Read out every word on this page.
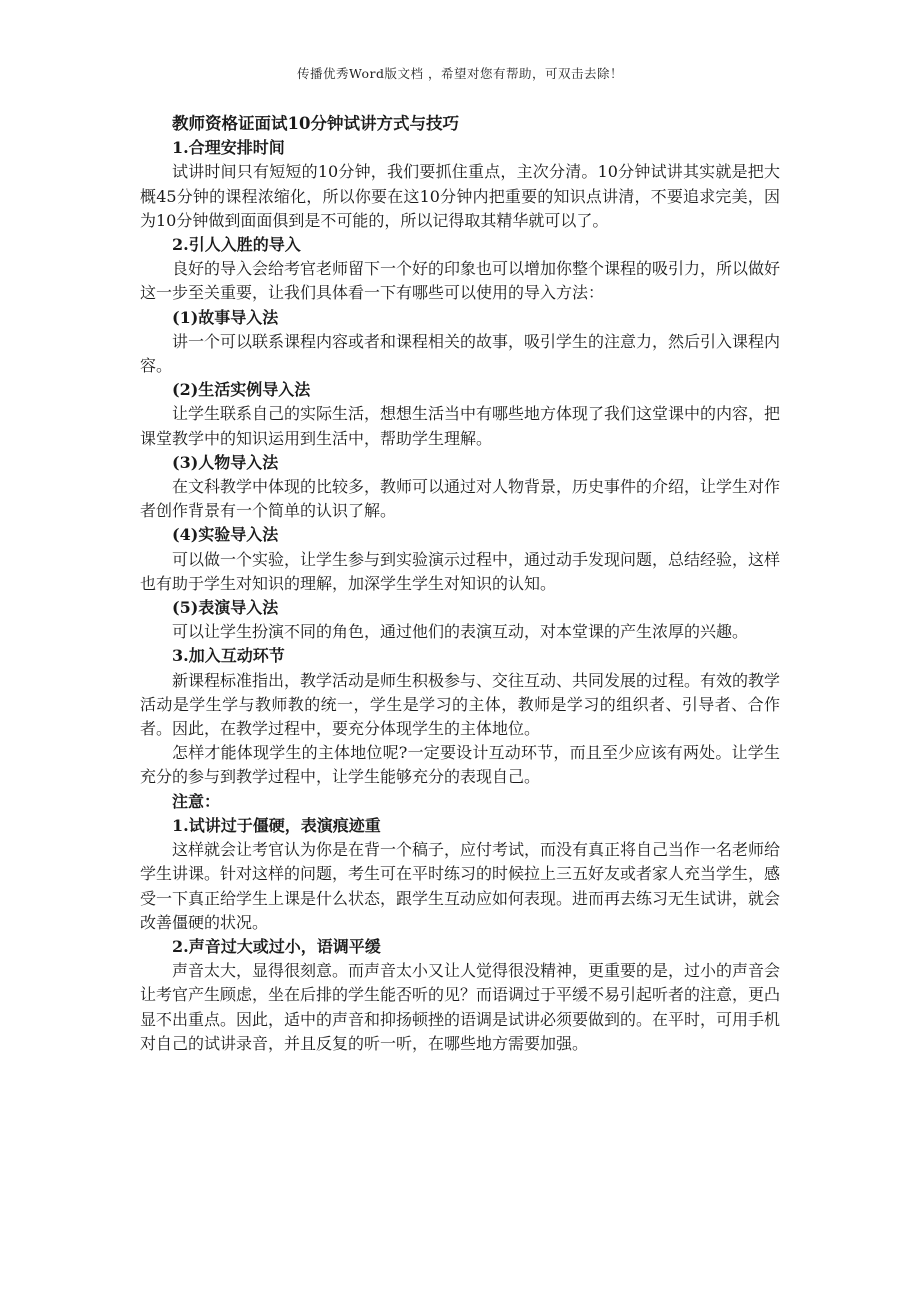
传播优秀Word版文档 ，希望对您有帮助，可双击去除！

教师资格证面试10分钟试讲方式与技巧

1.合理安排时间

试讲时间只有短短的10分钟，我们要抓住重点，主次分清。10分钟试讲其实就是把大概45分钟的课程浓缩化，所以你要在这10分钟内把重要的知识点讲清，不要追求完美，因为10分钟做到面面俱到是不可能的，所以记得取其精华就可以了。

2.引人入胜的导入

良好的导入会给考官老师留下一个好的印象也可以增加你整个课程的吸引力，所以做好这一步至关重要，让我们具体看一下有哪些可以使用的导入方法：

(1)故事导入法

讲一个可以联系课程内容或者和课程相关的故事，吸引学生的注意力，然后引入课程内容。

(2)生活实例导入法

让学生联系自己的实际生活，想想生活当中有哪些地方体现了我们这堂课中的内容，把课堂教学中的知识运用到生活中，帮助学生理解。

(3)人物导入法

在文科教学中体现的比较多，教师可以通过对人物背景，历史事件的介绍，让学生对作者创作背景有一个简单的认识了解。

(4)实验导入法

可以做一个实验，让学生参与到实验演示过程中，通过动手发现问题，总结经验，这样也有助于学生对知识的理解，加深学生学生对知识的认知。

(5)表演导入法

可以让学生扮演不同的角色，通过他们的表演互动，对本堂课的产生浓厚的兴趣。

3.加入互动环节

新课程标准指出，教学活动是师生积极参与、交往互动、共同发展的过程。有效的教学活动是学生学与教师教的统一，学生是学习的主体，教师是学习的组织者、引导者、合作者。因此，在教学过程中，要充分体现学生的主体地位。

怎样才能体现学生的主体地位呢?一定要设计互动环节，而且至少应该有两处。让学生充分的参与到教学过程中，让学生能够充分的表现自己。

注意：

1.试讲过于僵硬，表演痕迹重

这样就会让考官认为你是在背一个稿子，应付考试，而没有真正将自己当作一名老师给学生讲课。针对这样的问题，考生可在平时练习的时候拉上三五好友或者家人充当学生，感受一下真正给学生上课是什么状态，跟学生互动应如何表现。进而再去练习无生试讲，就会改善僵硬的状况。

2.声音过大或过小，语调平缓

声音太大，显得很刻意。而声音太小又让人觉得很没精神，更重要的是，过小的声音会让考官产生顾虑，坐在后排的学生能否听的见？而语调过于平缓不易引起听者的注意，更凸显不出重点。因此，适中的声音和抑扬顿挫的语调是试讲必须要做到的。在平时，可用手机对自己的试讲录音，并且反复的听一听，在哪些地方需要加强。
